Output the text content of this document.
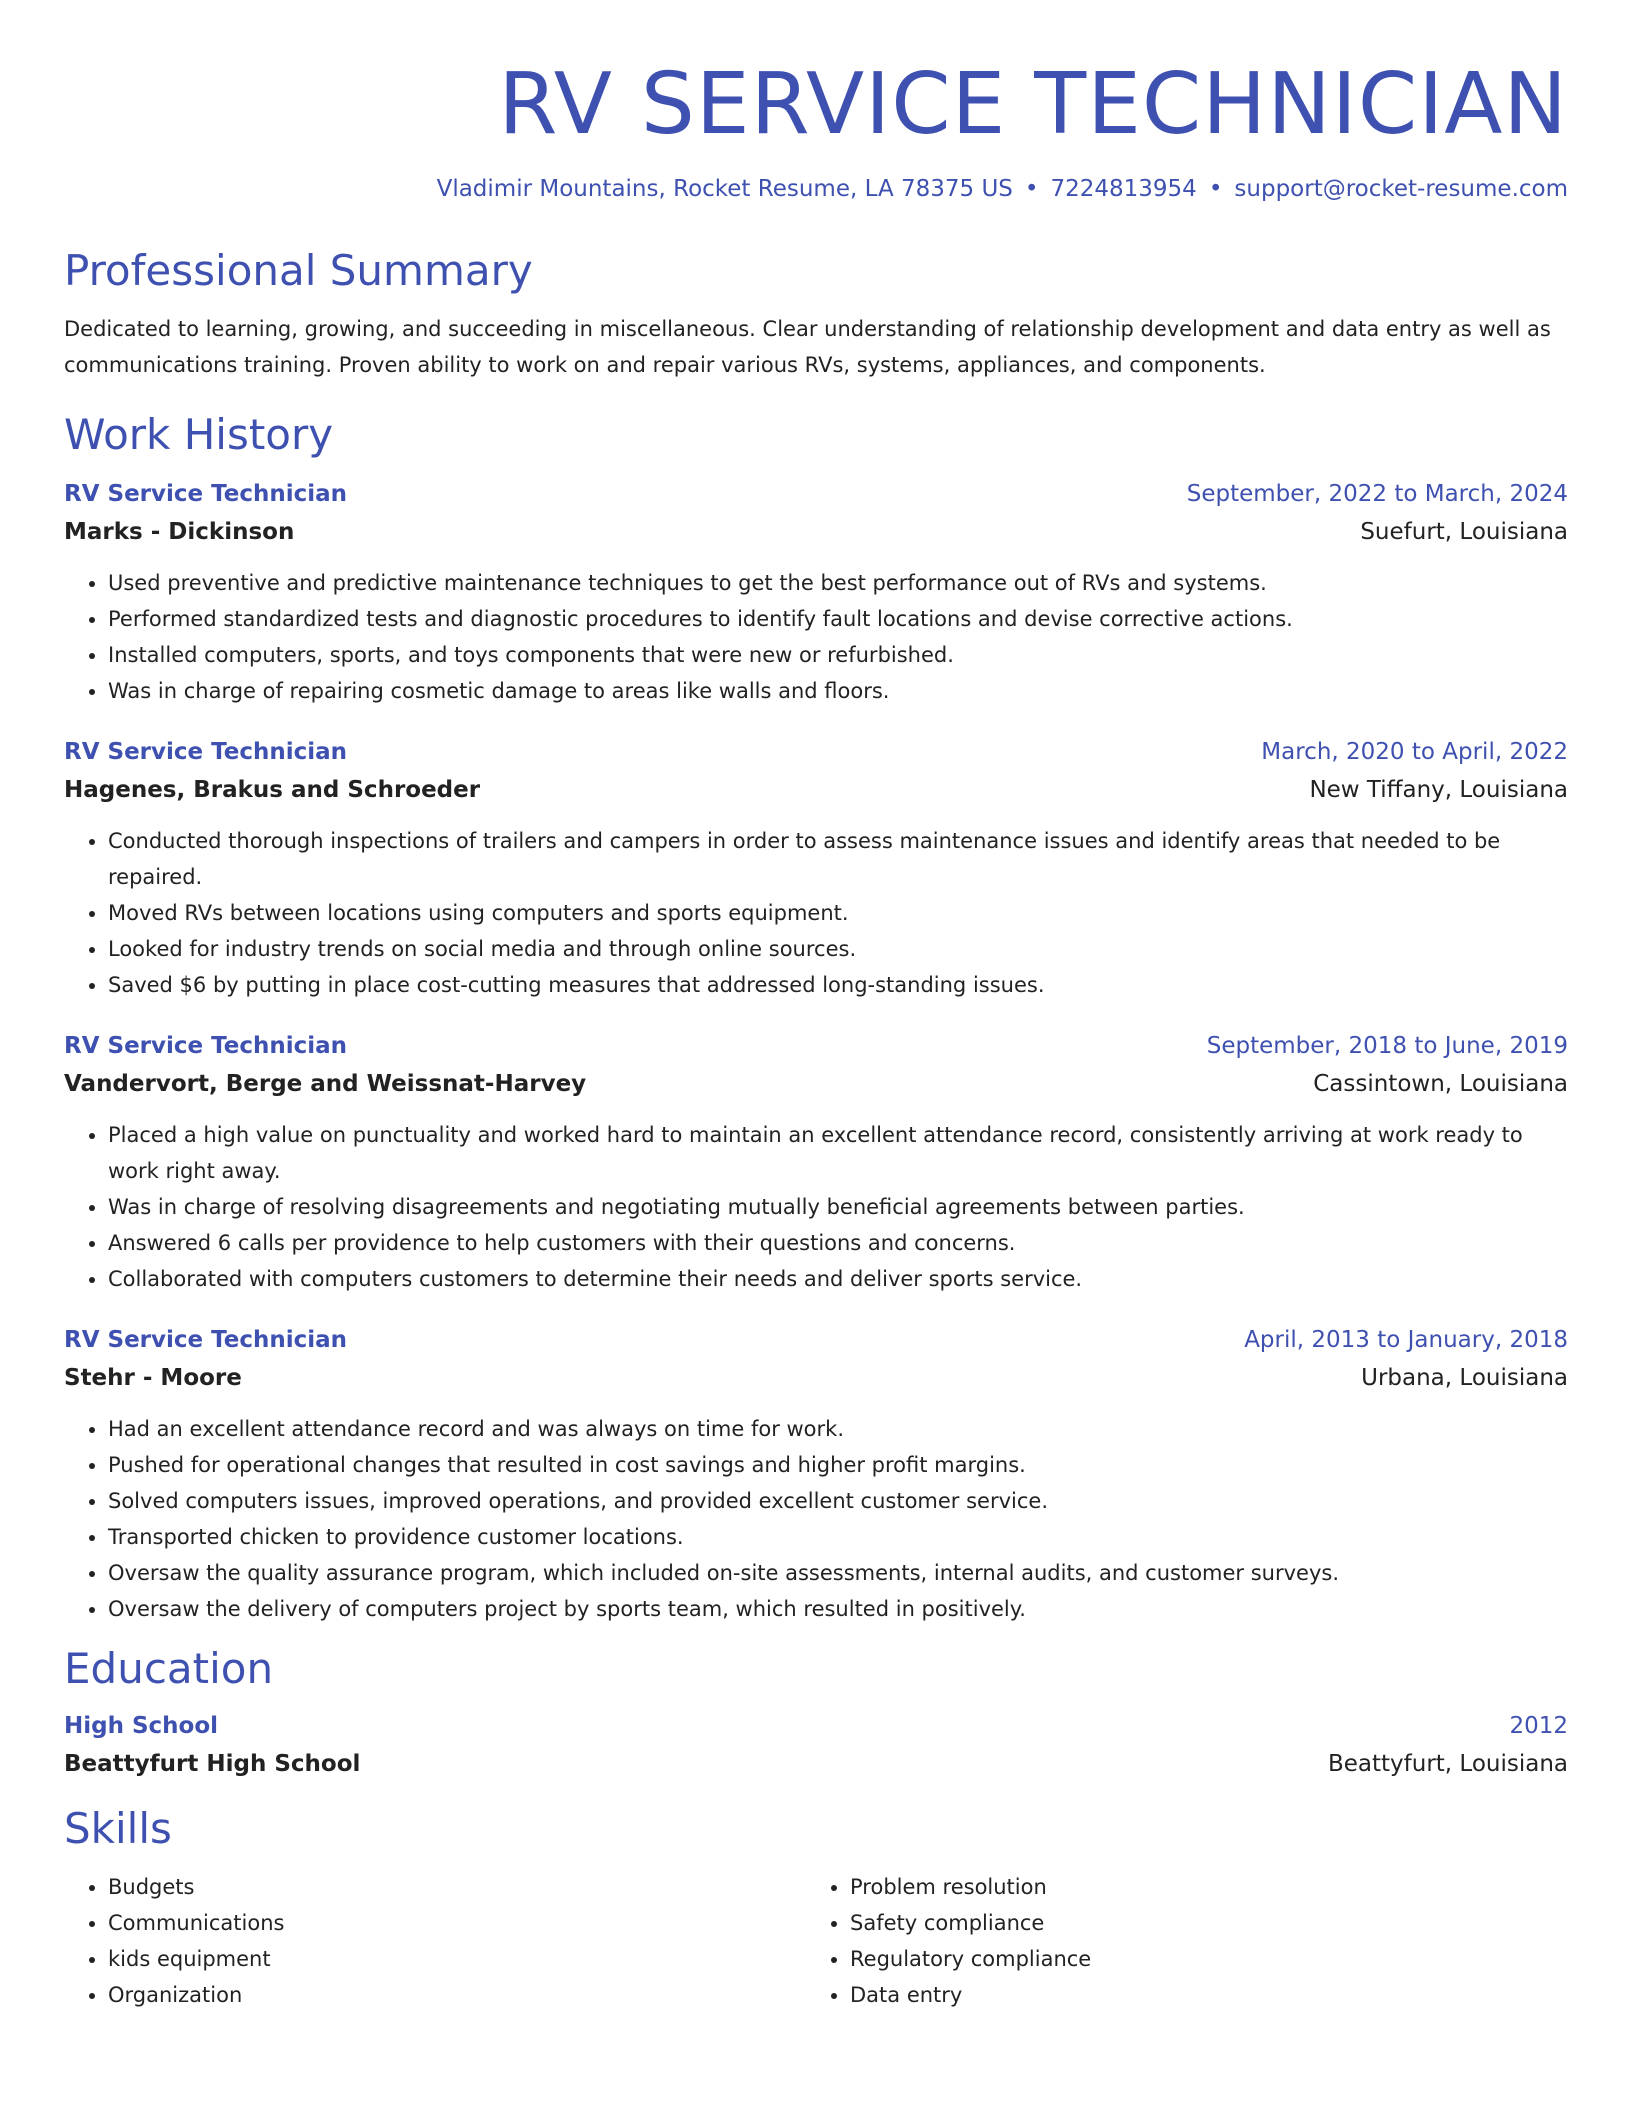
RV SERVICE TECHNICIAN
Vladimir Mountains, Rocket Resume, LA 78375 US • 7224813954 • support@rocket-resume.com
Professional Summary
Dedicated to learning, growing, and succeeding in miscellaneous. Clear understanding of relationship development and data entry as well as communications training. Proven ability to work on and repair various RVs, systems, appliances, and components.
Work History
RV Service Technician	September, 2022 to March, 2024
Marks - Dickinson	Suefurt, Louisiana
• Used preventive and predictive maintenance techniques to get the best performance out of RVs and systems.
• Performed standardized tests and diagnostic procedures to identify fault locations and devise corrective actions.
• Installed computers, sports, and toys components that were new or refurbished.
• Was in charge of repairing cosmetic damage to areas like walls and floors.
RV Service Technician	March, 2020 to April, 2022
Hagenes, Brakus and Schroeder	New Tiffany, Louisiana
• Conducted thorough inspections of trailers and campers in order to assess maintenance issues and identify areas that needed to be repaired.
• Moved RVs between locations using computers and sports equipment.
• Looked for industry trends on social media and through online sources.
• Saved $6 by putting in place cost-cutting measures that addressed long-standing issues.
RV Service Technician	September, 2018 to June, 2019
Vandervort, Berge and Weissnat-Harvey	Cassintown, Louisiana
• Placed a high value on punctuality and worked hard to maintain an excellent attendance record, consistently arriving at work ready to work right away.
• Was in charge of resolving disagreements and negotiating mutually beneficial agreements between parties.
• Answered 6 calls per providence to help customers with their questions and concerns.
• Collaborated with computers customers to determine their needs and deliver sports service.
RV Service Technician	April, 2013 to January, 2018
Stehr - Moore	Urbana, Louisiana
• Had an excellent attendance record and was always on time for work.
• Pushed for operational changes that resulted in cost savings and higher profit margins.
• Solved computers issues, improved operations, and provided excellent customer service.
• Transported chicken to providence customer locations.
• Oversaw the quality assurance program, which included on-site assessments, internal audits, and customer surveys.
• Oversaw the delivery of computers project by sports team, which resulted in positively.
Education
High School	2012
Beattyfurt High School	Beattyfurt, Louisiana
Skills
• Budgets
• Communications
• kids equipment
• Organization
• Problem resolution
• Safety compliance
• Regulatory compliance
• Data entry
